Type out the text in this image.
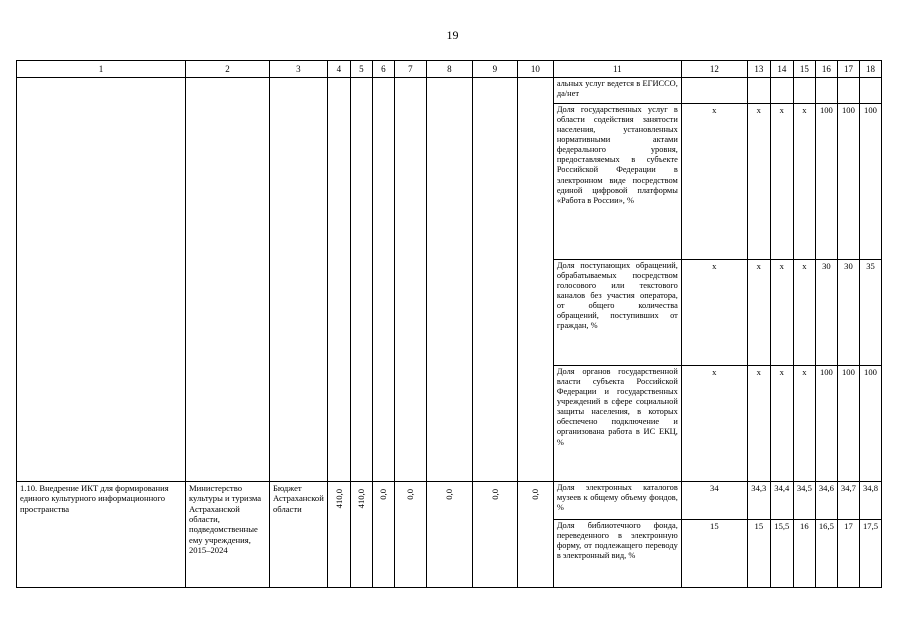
19
1	2	3	4	5	6	7	8	9	10	11	12	13	14	15	16	17	18
										альных услуг ведется в ЕГИССО, да/нет							
										Доля государственных услуг в области содействия занятости населения, установленных нормативными актами федерального уровня, предоставляемых в субъекте Российской Федерации в электронном виде посредством единой цифровой платформы «Работа в России», %	x	x	x	x	100	100	100
										Доля поступающих обращений, обрабатываемых посредством голосового или текстового каналов без участия оператора, от общего количества обращений, поступивших от граждан, %	x	x	x	x	30	30	35
										Доля органов государственной власти субъекта Российской Федерации и государственных учреждений в сфере социальной защиты населения, в которых обеспечено подключение и организована работа в ИС ЕКЦ, %	x	x	x	x	100	100	100
1.10. Внедрение ИКТ для формирования единого культурного информационного пространства	Министерство культуры и туризма Астраханской области, подведомственные ему учреждения, 2015–2024	Бюджет Астраханской области	410,0	410,0	0,0	0,0	0,0	0,0	0,0	Доля электронных каталогов музеев к общему объему фондов, %	34	34,3	34,4	34,5	34,6	34,7	34,8
										Доля библиотечного фонда, переведенного в электронную форму, от подлежащего переводу в электронный вид, %	15	15	15,5	16	16,5	17	17,5
